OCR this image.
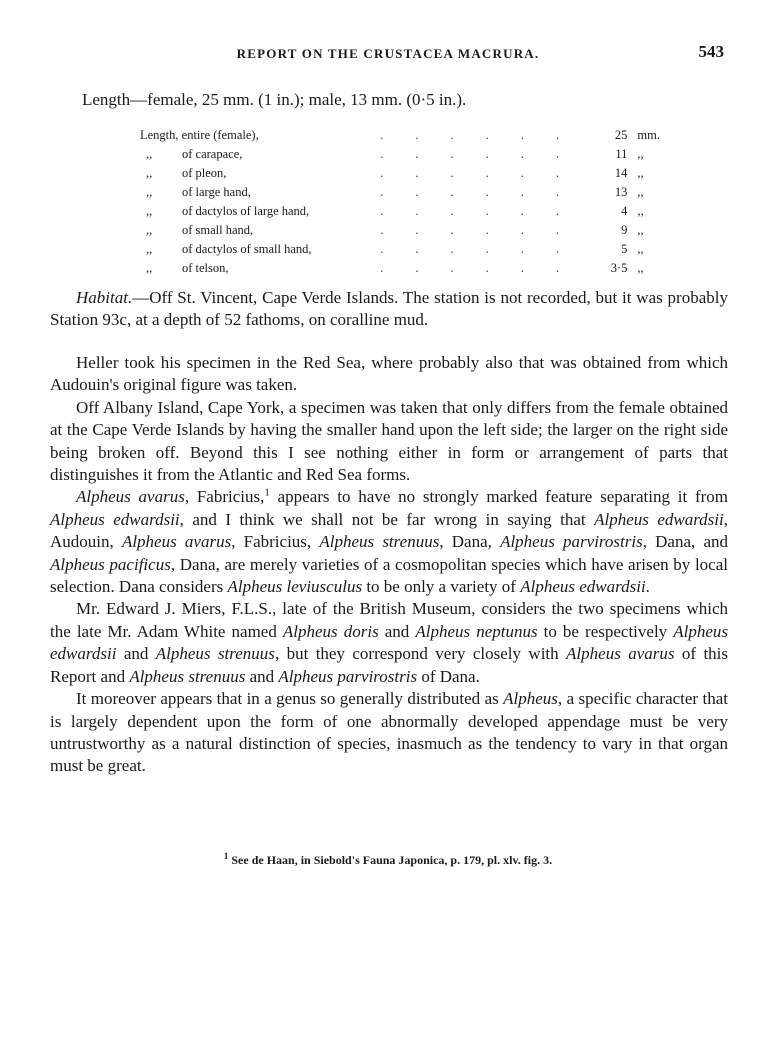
REPORT ON THE CRUSTACEA MACRURA.	543
Length—female, 25 mm. (1 in.); male, 13 mm. (0·5 in.).
Length, entire (female),	......	25	mm.
,, of carapace,	......	11	,,
,, of pleon,	......	14	,,
,, of large hand,	......	13	,,
,, of dactylos of large hand,	......	4	,,
,, of small hand,	......	9	,,
,, of dactylos of small hand,	......	5	,,
,, of telson,	......	3·5	,,

Habitat.—Off St. Vincent, Cape Verde Islands. The station is not recorded, but it was probably Station 93c, at a depth of 52 fathoms, on coralline mud.

Heller took his specimen in the Red Sea, where probably also that was obtained from which Audouin's original figure was taken.

Off Albany Island, Cape York, a specimen was taken that only differs from the female obtained at the Cape Verde Islands by having the smaller hand upon the left side; the larger on the right side being broken off. Beyond this I see nothing either in form or arrangement of parts that distinguishes it from the Atlantic and Red Sea forms.

Alpheus avarus, Fabricius,$^1$ appears to have no strongly marked feature separating it from Alpheus edwardsii, and I think we shall not be far wrong in saying that Alpheus edwardsii, Audouin, Alpheus avarus, Fabricius, Alpheus strenuus, Dana, Alpheus parvirostris, Dana, and Alpheus pacificus, Dana, are merely varieties of a cosmopolitan species which have arisen by local selection. Dana considers Alpheus leviusculus to be only a variety of Alpheus edwardsii.

Mr. Edward J. Miers, F.L.S., late of the British Museum, considers the two specimens which the late Mr. Adam White named Alpheus doris and Alpheus neptunus to be respectively Alpheus edwardsii and Alpheus strenuus, but they correspond very closely with Alpheus avarus of this Report and Alpheus strenuus and Alpheus parvirostris of Dana.

It moreover appears that in a genus so generally distributed as Alpheus, a specific character that is largely dependent upon the form of one abnormally developed appendage must be very untrustworthy as a natural distinction of species, inasmuch as the tendency to vary in that organ must be great.

$^1$ See de Haan, in Siebold's Fauna Japonica, p. 179, pl. xlv. fig. 3.
